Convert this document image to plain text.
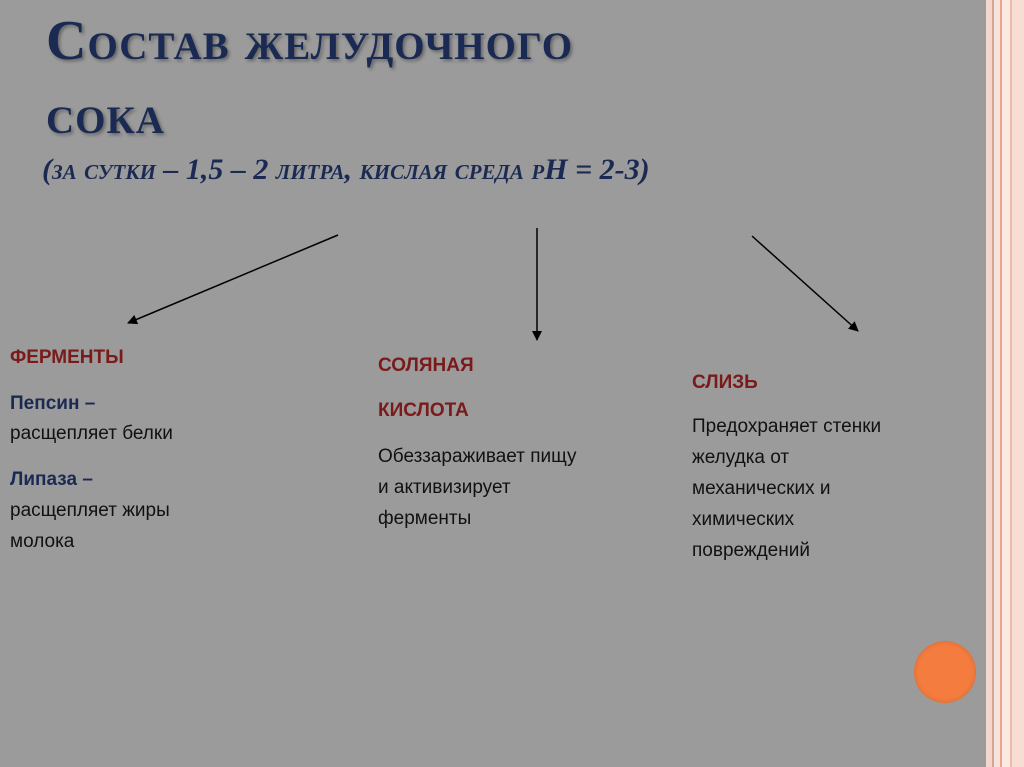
Состав желудочного
сока
(за сутки – 1,5 – 2 литра, кислая среда pH = 2-3)
ФЕРМЕНТЫ
Пепсин –
расщепляет белки
Липаза –
расщепляет жиры
молока
СОЛЯНАЯ
КИСЛОТА
Обеззараживает пищу
и активизирует
ферменты
СЛИЗЬ
Предохраняет стенки
желудка от
механических и
химических
повреждений
